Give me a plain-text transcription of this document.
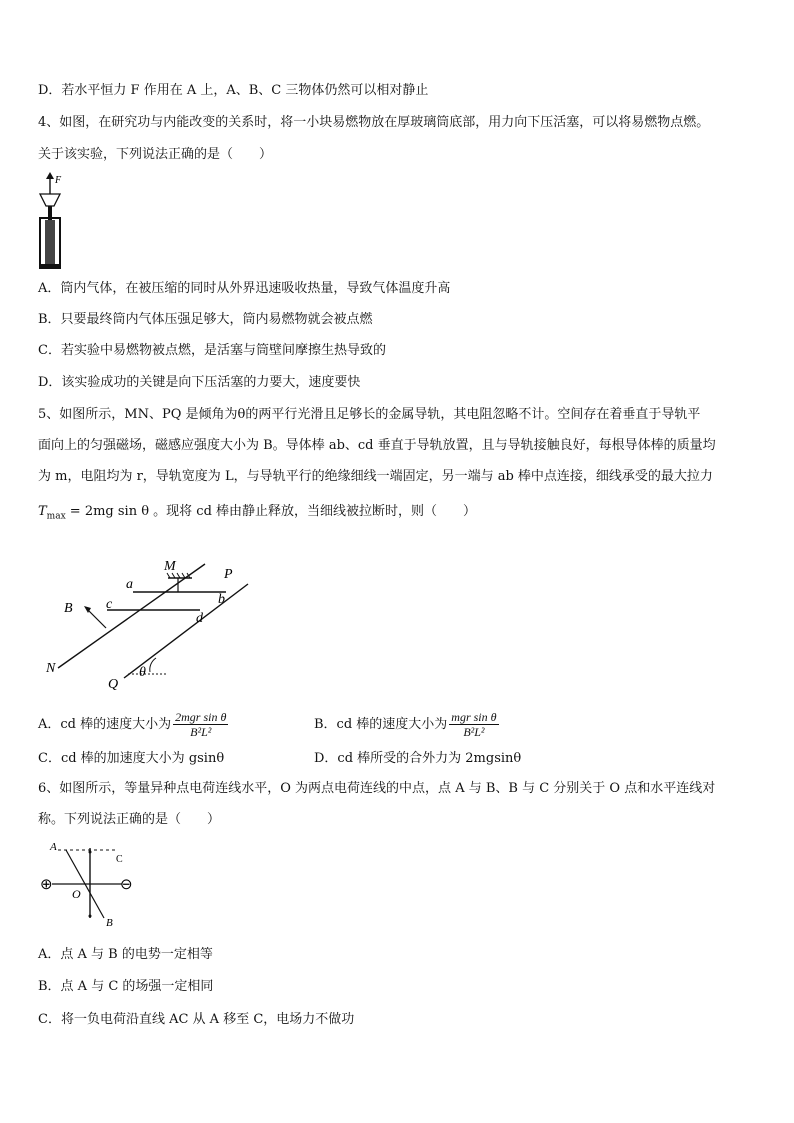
D．若水平恒力 F 作用在 A 上，A、B、C 三物体仍然可以相对静止
4、如图，在研究功与内能改变的关系时，将一小块易燃物放在厚玻璃筒底部，用力向下压活塞，可以将易燃物点燃。
关于该实验，下列说法正确的是（　　）
F
A．筒内气体，在被压缩的同时从外界迅速吸收热量，导致气体温度升高
B．只要最终筒内气体压强足够大，筒内易燃物就会被点燃
C．若实验中易燃物被点燃，是活塞与筒壁间摩擦生热导致的
D．该实验成功的关键是向下压活塞的力要大，速度要快
5、如图所示，MN、PQ 是倾角为θ的两平行光滑且足够长的金属导轨，其电阻忽略不计。空间存在着垂直于导轨平
面向上的匀强磁场，磁感应强度大小为 B。导体棒 ab、cd 垂直于导轨放置，且与导轨接触良好，每根导体棒的质量均
为 m，电阻均为 r，导轨宽度为 L，与导轨平行的绝缘细线一端固定，另一端与 ab 棒中点连接，细线承受的最大拉力
$T_{max} = 2mg$ sin θ 。现将 cd 棒由静止释放，当细线被拉断时，则（　　）
M
P
a
b
B c
d
N
Q
θ
A．cd 棒的速度大小为 $\frac{\text{2mgr sin θ}}{\text{B²L²}}$	B．cd 棒的速度大小为 $\frac{\text{mgr sin θ}}{\text{B²L²}}$
C．cd 棒的加速度大小为 gsinθ	D．cd 棒所受的合外力为 2mgsinθ
6、如图所示，等量异种点电荷连线水平，O 为两点电荷连线的中点，点 A 与 B、B 与 C 分别关于 O 点和水平连线对
称。下列说法正确的是（　　）
A
C
O
B
⊕	⊖
A．点 A 与 B 的电势一定相等
B．点 A 与 C 的场强一定相同
C．将一负电荷沿直线 AC 从 A 移至 C，电场力不做功
